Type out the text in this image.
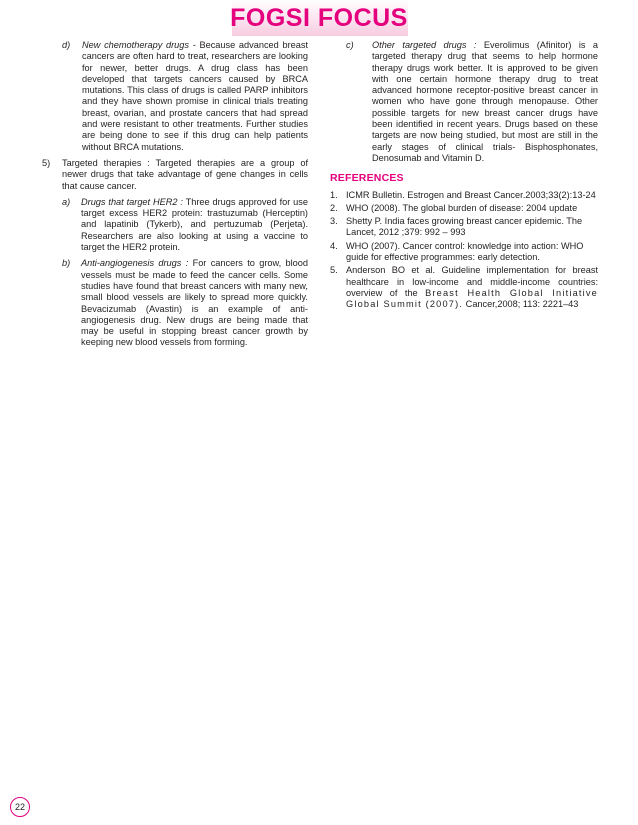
FOGSI FOCUS
d)	New chemotherapy drugs - Because advanced breast cancers are often hard to treat, researchers are looking for newer, better drugs. A drug class has been developed that targets cancers caused by BRCA mutations. This class of drugs is called PARP inhibitors and they have shown promise in clinical trials treating breast, ovarian, and prostate cancers that had spread and were resistant to other treatments. Further studies are being done to see if this drug can help patients without BRCA mutations.
5)	Targeted therapies : Targeted therapies are a group of newer drugs that take advantage of gene changes in cells that cause cancer.
a)	Drugs that target HER2 : Three drugs approved for use target excess HER2 protein: trastuzumab (Herceptin) and lapatinib (Tykerb), and pertuzumab (Perjeta). Researchers are also looking at using a vaccine to target the HER2 protein.
b)	Anti-angiogenesis drugs : For cancers to grow, blood vessels must be made to feed the cancer cells. Some studies have found that breast cancers with many new, small blood vessels are likely to spread more quickly. Bevacizumab (Avastin) is an example of anti-angiogenesis drug. New drugs are being made that may be useful in stopping breast cancer growth by keeping new blood vessels from forming.
c)	Other targeted drugs : Everolimus (Afinitor) is a targeted therapy drug that seems to help hormone therapy drugs work better. It is approved to be given with one certain hormone therapy drug to treat advanced hormone receptor-positive breast cancer in women who have gone through menopause. Other possible targets for new breast cancer drugs have been identified in recent years. Drugs based on these targets are now being studied, but most are still in the early stages of clinical trials- Bisphosphonates, Denosumab and Vitamin D.
REFERENCES
1. ICMR Bulletin. Estrogen and Breast Cancer.2003;33(2):13-24
2. WHO (2008). The global burden of disease: 2004 update
3. Shetty P. India faces growing breast cancer epidemic. The Lancet, 2012 ;379: 992 – 993
4. WHO (2007). Cancer control: knowledge into action: WHO guide for effective programmes: early detection.
5. Anderson BO et al. Guideline implementation for breast healthcare in low-income and middle-income countries: overview of the Breast Health Global Initiative Global Summit (2007). Cancer,2008; 113: 2221–43
22
